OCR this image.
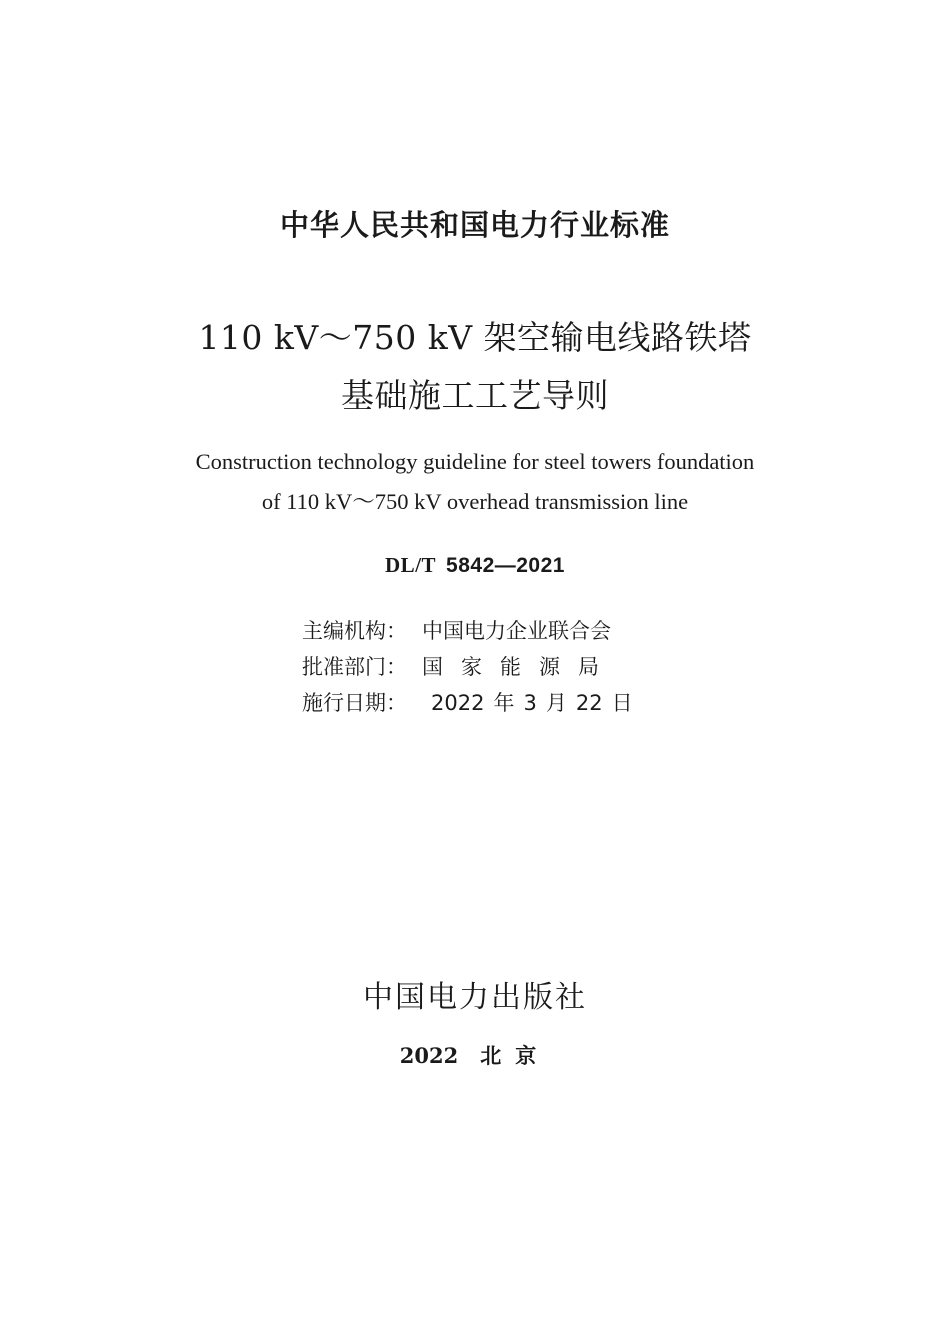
中华人民共和国电力行业标准
110 kV～750 kV 架空输电线路铁塔
基础施工工艺导则
Construction technology guideline for steel towers foundation
of 110 kV～750 kV overhead transmission line
DL/T 5842—2021
主编机构： 中国电力企业联合会
批准部门： 国家能源局
施行日期：	2022 年 3 月 22 日
中国电力出版社
2022 北京
